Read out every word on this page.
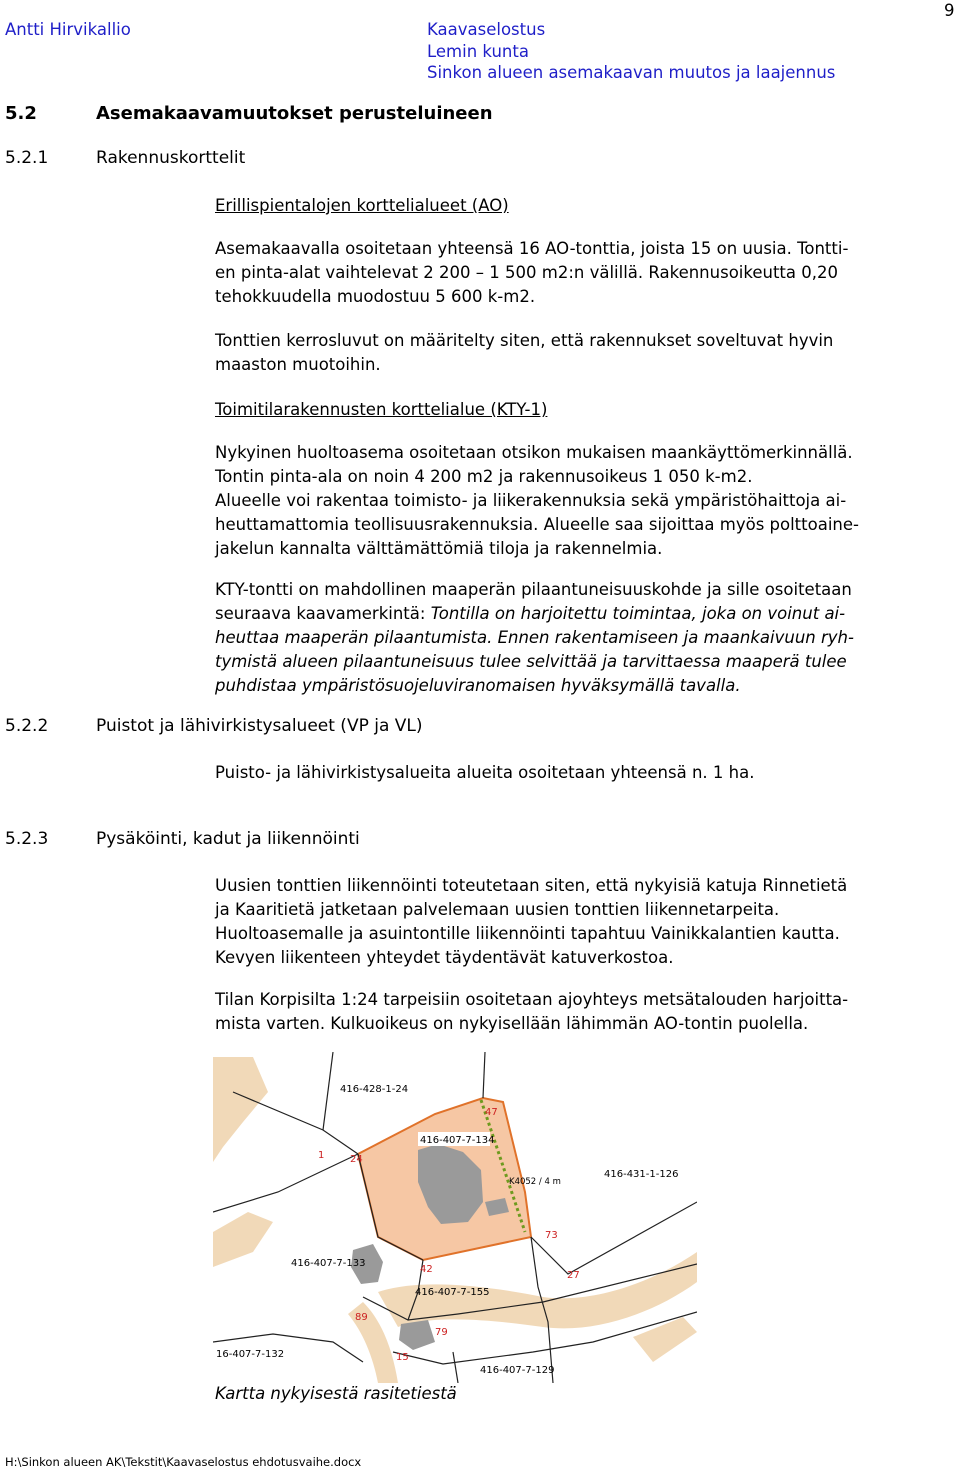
9
Antti Hirvikallio	Kaavaselostus
Lemin kunta
Sinkon alueen asemakaavan muutos ja laajennus
5.2	Asemakaavamuutokset perusteluineen
5.2.1	Rakennuskorttelit
Erillispientalojen korttelialueet (AO)
Asemakaavalla osoitetaan yhteensä 16 AO-tonttia, joista 15 on uusia. Tontti-
en pinta-alat vaihtelevat 2 200 – 1 500 m2:n välillä. Rakennusoikeutta 0,20
tehokkuudella muodostuu 5 600 k-m2.
Tonttien kerrosluvut on määritelty siten, että rakennukset soveltuvat hyvin
maaston muotoihin.
Toimitilarakennusten korttelialue (KTY-1)
Nykyinen huoltoasema osoitetaan otsikon mukaisen maankäyttömerkinnällä.
Tontin pinta-ala on noin 4 200 m2 ja rakennusoikeus 1 050 k-m2.
Alueelle voi rakentaa toimisto- ja liikerakennuksia sekä ympäristöhaittoja ai-
heuttamattomia teollisuusrakennuksia. Alueelle saa sijoittaa myös polttoaine-
jakelun kannalta välttämättömiä tiloja ja rakennelmia.
KTY-tontti on mahdollinen maaperän pilaantuneisuuskohde ja sille osoitetaan
seuraava kaavamerkintä: Tontilla on harjoitettu toimintaa, joka on voinut ai-
heuttaa maaperän pilaantumista. Ennen rakentamiseen ja maankaivuun ryh-
tymistä alueen pilaantuneisuus tulee selvittää ja tarvittaessa maaperä tulee
puhdistaa ympäristösuojeluviranomaisen hyväksymällä tavalla.
5.2.2	Puistot ja lähivirkistysalueet (VP ja VL)
Puisto- ja lähivirkistysalueita alueita osoitetaan yhteensä n. 1 ha.
5.2.3	Pysäköinti, kadut ja liikennöinti
Uusien tonttien liikennöinti toteutetaan siten, että nykyisiä katuja Rinnetietä
ja Kaaritietä jatketaan palvelemaan uusien tonttien liikennetarpeita.
Huoltoasemalle ja asuintontille liikennöinti tapahtuu Vainikkalantien kautta.
Kevyen liikenteen yhteydet täydentävät katuverkostoa.
Tilan Korpisilta 1:24 tarpeisiin osoitetaan ajoyhteys metsätalouden harjoitta-
mista varten. Kulkuoikeus on nykyisellään lähimmän AO-tontin puolella.
416-428-1-24
416-407-7-134
416-431-1-126
416-407-7-133
416-407-7-155
16-407-7-132
416-407-7-129
K4052 / 4 m
1	24
47
73
27
42
89
79
15
Kartta nykyisestä rasitetiestä
H:\Sinkon alueen AK\Tekstit\Kaavaselostus ehdotusvaihe.docx
